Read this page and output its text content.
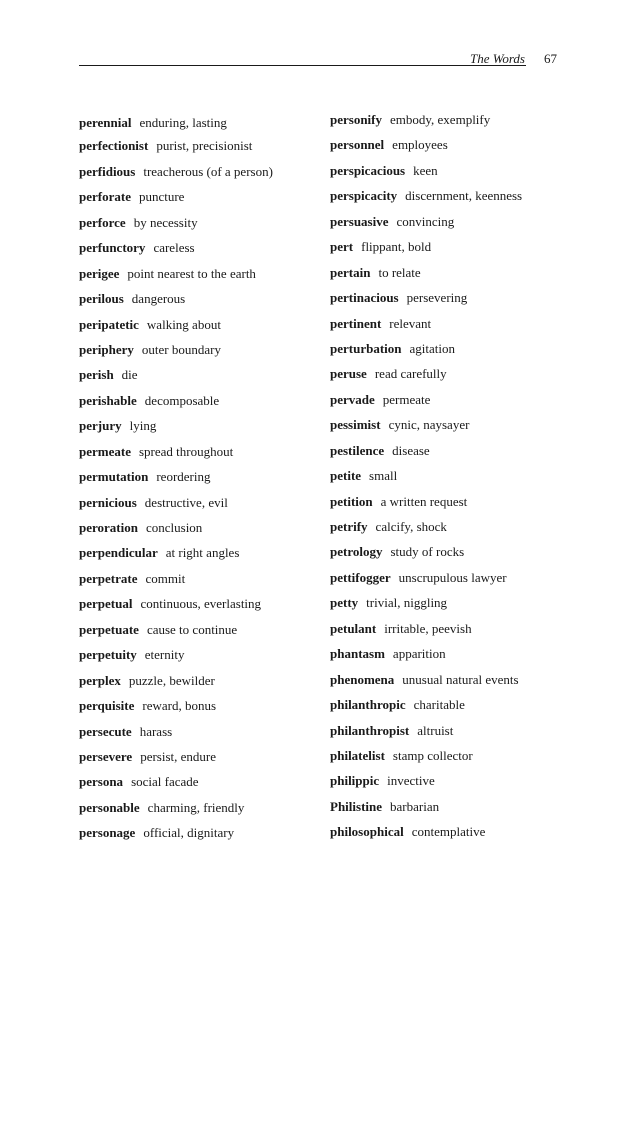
The Words 67
perennial enduring, lasting
perfectionist purist, precisionist
perfidious treacherous (of a person)
perforate puncture
perforce by necessity
perfunctory careless
perigee point nearest to the earth
perilous dangerous
peripatetic walking about
periphery outer boundary
perish die
perishable decomposable
perjury lying
permeate spread throughout
permutation reordering
pernicious destructive, evil
peroration conclusion
perpendicular at right angles
perpetrate commit
perpetual continuous, everlasting
perpetuate cause to continue
perpetuity eternity
perplex puzzle, bewilder
perquisite reward, bonus
persecute harass
persevere persist, endure
persona social facade
personable charming, friendly
personage official, dignitary
personify embody, exemplify
personnel employees
perspicacious keen
perspicacity discernment, keenness
persuasive convincing
pert flippant, bold
pertain to relate
pertinacious persevering
pertinent relevant
perturbation agitation
peruse read carefully
pervade permeate
pessimist cynic, naysayer
pestilence disease
petite small
petition a written request
petrify calcify, shock
petrology study of rocks
pettifogger unscrupulous lawyer
petty trivial, niggling
petulant irritable, peevish
phantasm apparition
phenomena unusual natural events
philanthropic charitable
philanthropist altruist
philatelist stamp collector
philippic invective
Philistine barbarian
philosophical contemplative
